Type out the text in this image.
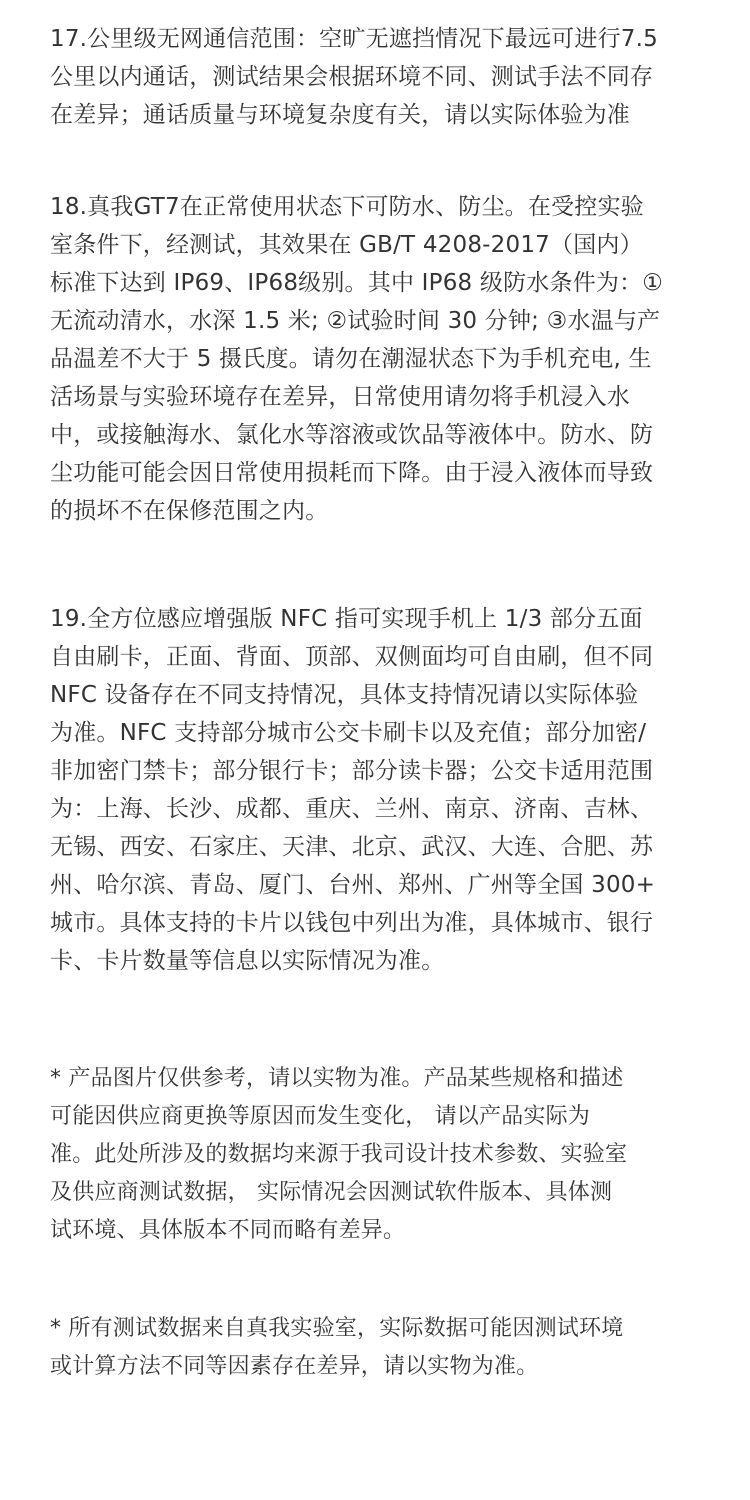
17.公里级无网通信范围：空旷无遮挡情况下最远可进行7.5
公里以内通话，测试结果会根据环境不同、测试手法不同存
在差异；通话质量与环境复杂度有关，请以实际体验为准
18.真我GT7在正常使用状态下可防水、防尘。在受控实验
室条件下，经测试，其效果在 GB/T 4208-2017（国内）
标准下达到 IP69、IP68级别。其中 IP68 级防水条件为：①
无流动清水，水深 1.5 米; ②试验时间 30 分钟; ③水温与产
品温差不大于 5 摄氏度。请勿在潮湿状态下为手机充电, 生
活场景与实验环境存在差异，日常使用请勿将手机浸入水
中，或接触海水、氯化水等溶液或饮品等液体中。防水、防
尘功能可能会因日常使用损耗而下降。由于浸入液体而导致
的损坏不在保修范围之内。
19.全方位感应增强版 NFC 指可实现手机上 1/3 部分五面
自由刷卡，正面、背面、顶部、双侧面均可自由刷，但不同
NFC 设备存在不同支持情况，具体支持情况请以实际体验
为准。NFC 支持部分城市公交卡刷卡以及充值；部分加密/
非加密门禁卡；部分银行卡；部分读卡器；公交卡适用范围
为：上海、长沙、成都、重庆、兰州、南京、济南、吉林、
无锡、西安、石家庄、天津、北京、武汉、大连、合肥、苏
州、哈尔滨、青岛、厦门、台州、郑州、广州等全国 300+
城市。具体支持的卡片以钱包中列出为准，具体城市、银行
卡、卡片数量等信息以实际情况为准。
* 产品图片仅供参考，请以实物为准。产品某些规格和描述
可能因供应商更换等原因而发生变化， 请以产品实际为
准。此处所涉及的数据均来源于我司设计技术参数、实验室
及供应商测试数据， 实际情况会因测试软件版本、具体测
试环境、具体版本不同而略有差异。
* 所有测试数据来自真我实验室，实际数据可能因测试环境
或计算方法不同等因素存在差异，请以实物为准。
